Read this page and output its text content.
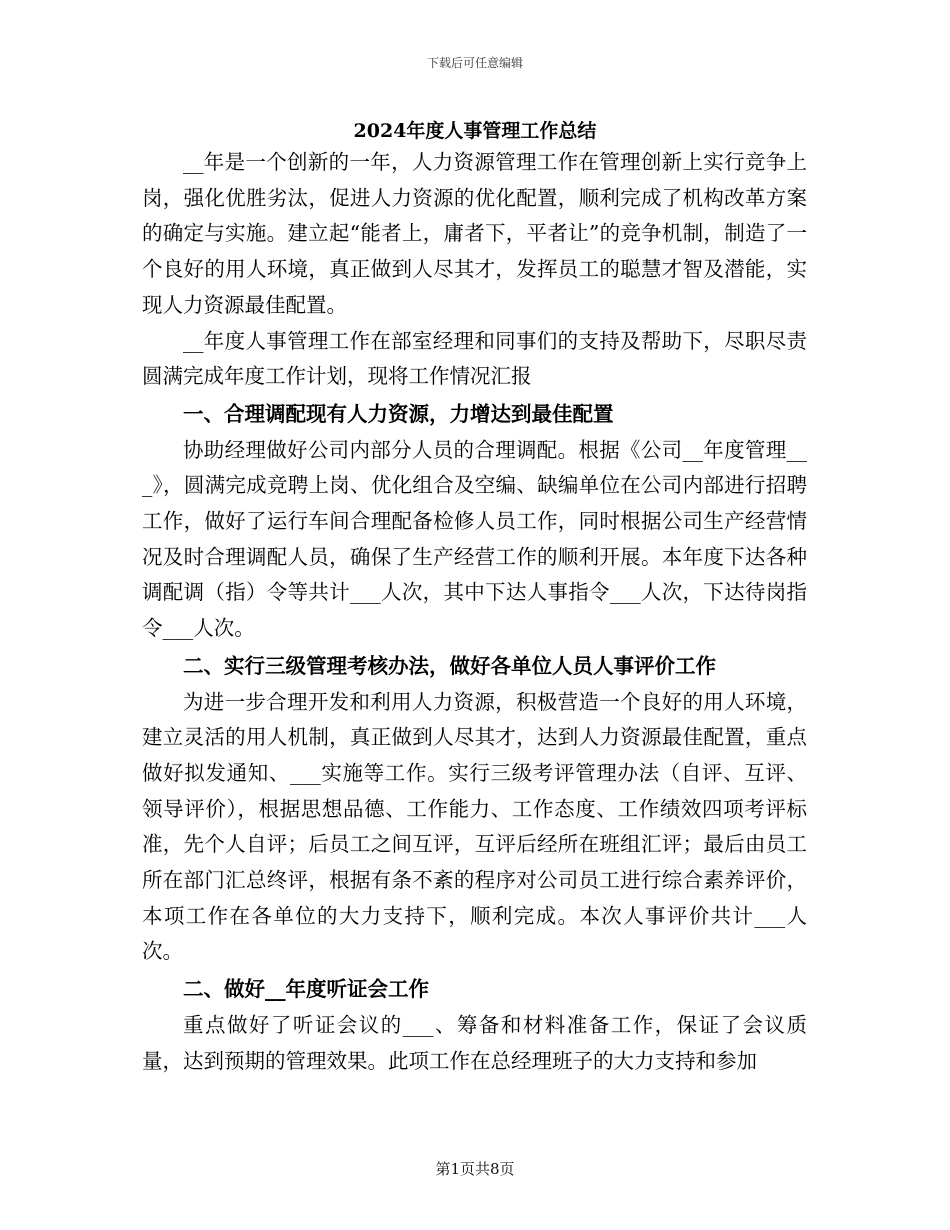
下载后可任意编辑
2024年度人事管理工作总结

__年是一个创新的一年，人力资源管理工作在管理创新上实行竞争上岗，强化优胜劣汰，促进人力资源的优化配置，顺利完成了机构改革方案的确定与实施。建立起“能者上，庸者下，平者让”的竞争机制，制造了一个良好的用人环境，真正做到人尽其才，发挥员工的聪慧才智及潜能，实现人力资源最佳配置。

__年度人事管理工作在部室经理和同事们的支持及帮助下，尽职尽责圆满完成年度工作计划，现将工作情况汇报

一、合理调配现有人力资源，力增达到最佳配置

协助经理做好公司内部分人员的合理调配。根据《公司__年度管理___》，圆满完成竞聘上岗、优化组合及空编、缺编单位在公司内部进行招聘工作，做好了运行车间合理配备检修人员工作，同时根据公司生产经营情况及时合理调配人员，确保了生产经营工作的顺利开展。本年度下达各种调配调（指）令等共计___人次，其中下达人事指令___人次，下达待岗指令___人次。

二、实行三级管理考核办法，做好各单位人员人事评价工作

为进一步合理开发和利用人力资源，积极营造一个良好的用人环境，建立灵活的用人机制，真正做到人尽其才，达到人力资源最佳配置，重点做好拟发通知、___实施等工作。实行三级考评管理办法（自评、互评、领导评价），根据思想品德、工作能力、工作态度、工作绩效四项考评标准，先个人自评；后员工之间互评，互评后经所在班组汇评；最后由员工所在部门汇总终评，根据有条不紊的程序对公司员工进行综合素养评价，本项工作在各单位的大力支持下，顺利完成。本次人事评价共计___人次。

二、做好__年度听证会工作

重点做好了听证会议的___、筹备和材料准备工作，保证了会议质量，达到预期的管理效果。此项工作在总经理班子的大力支持和参加

第1页共8页
